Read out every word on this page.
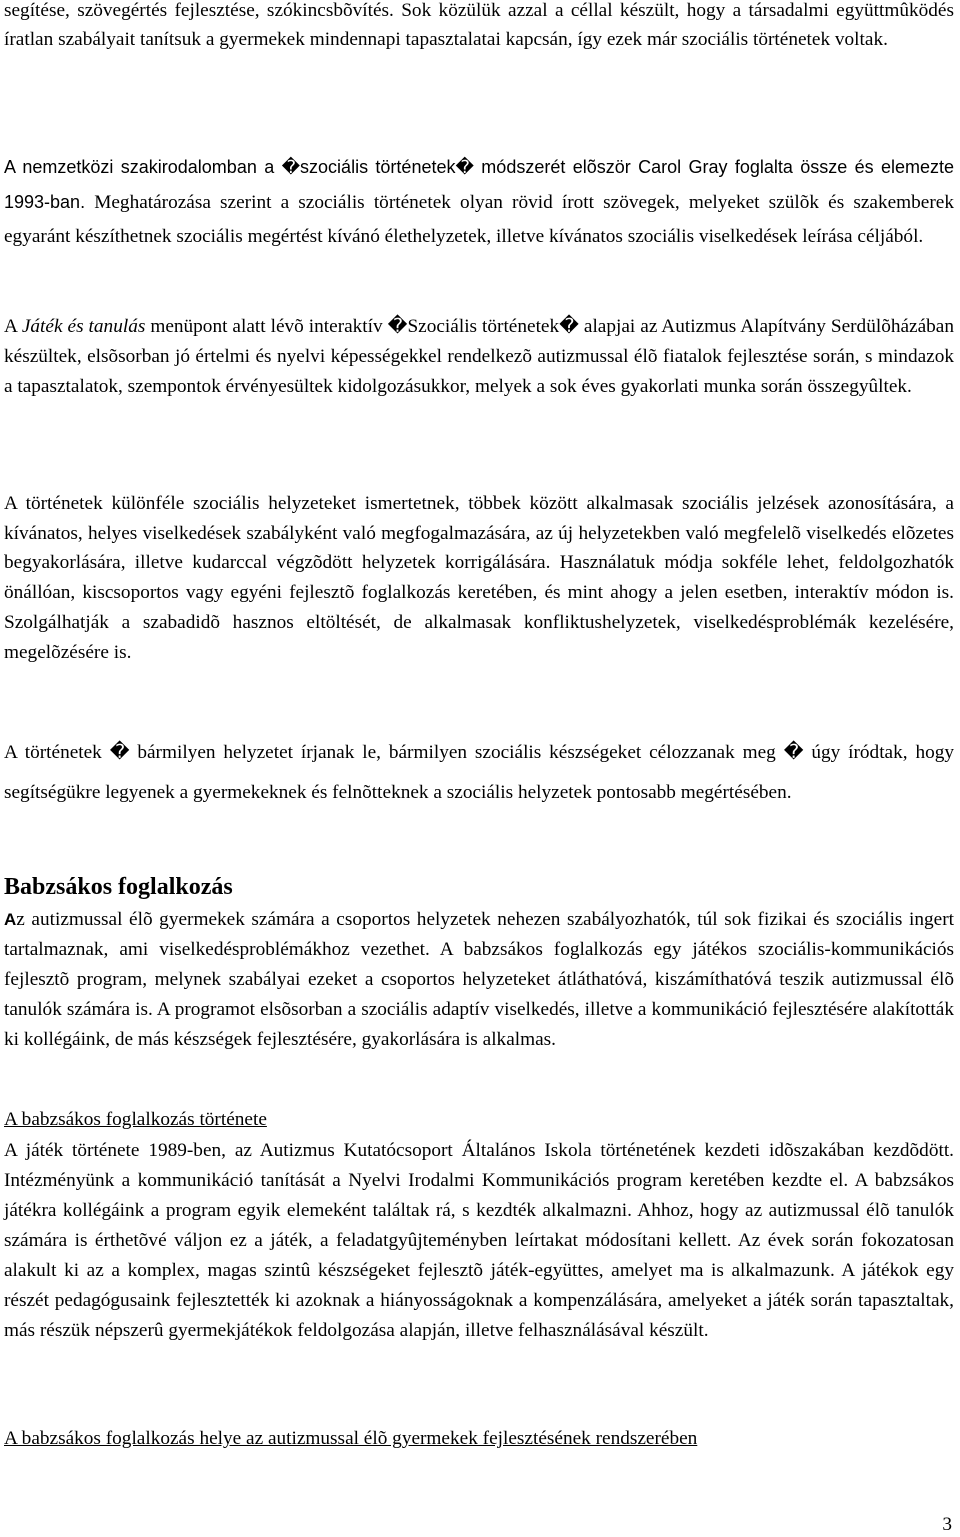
segítése, szövegértés fejlesztése, szókincsbõvítés. Sok közülük azzal a céllal készült, hogy a társadalmi együttmûködés íratlan szabályait tanítsuk a gyermekek mindennapi tapasztalatai kapcsán, így ezek már szociális történetek voltak.

A nemzetközi szakirodalomban a �szociális történetek� módszerét elõször Carol Gray foglalta össze és elemezte 1993-ban. Meghatározása szerint a szociális történetek olyan rövid írott szövegek, melyeket szülõk és szakemberek egyaránt készíthetnek szociális megértést kívánó élethelyzetek, illetve kívánatos szociális viselkedések leírása céljából.

A Játék és tanulás menüpont alatt lévõ interaktív �Szociális történetek� alapjai az Autizmus Alapítvány Serdülõházában készültek, elsõsorban jó értelmi és nyelvi képességekkel rendelkezõ autizmussal élõ fiatalok fejlesztése során, s mindazok a tapasztalatok, szempontok érvényesültek kidolgozásukkor, melyek a sok éves gyakorlati munka során összegyûltek.

A történetek különféle szociális helyzeteket ismertetnek, többek között alkalmasak szociális jelzések azonosítására, a kívánatos, helyes viselkedések szabályként való megfogalmazására, az új helyzetekben való megfelelõ viselkedés elõzetes begyakorlására, illetve kudarccal végzõdött helyzetek korrigálására. Használatuk módja sokféle lehet, feldolgozhatók önállóan, kiscsoportos vagy egyéni fejlesztõ foglalkozás keretében, és mint ahogy a jelen esetben, interaktív módon is. Szolgálhatják a szabadidõ hasznos eltöltését, de alkalmasak konfliktushelyzetek, viselkedésproblémák kezelésére, megelõzésére is.

A történetek � bármilyen helyzetet írjanak le, bármilyen szociális készségeket célozzanak meg � úgy íródtak, hogy segítségükre legyenek a gyermekeknek és felnõtteknek a szociális helyzetek pontosabb megértésében.

Babzsákos foglalkozás

Az autizmussal élõ gyermekek számára a csoportos helyzetek nehezen szabályozhatók, túl sok fizikai és szociális ingert tartalmaznak, ami viselkedésproblémákhoz vezethet. A babzsákos foglalkozás egy játékos szociális-kommunikációs fejlesztõ program, melynek szabályai ezeket a csoportos helyzeteket átláthatóvá, kiszámíthatóvá teszik autizmussal élõ tanulók számára is. A programot elsõsorban a szociális adaptív viselkedés, illetve a kommunikáció fejlesztésére alakították ki kollégáink, de más készségek fejlesztésére, gyakorlására is alkalmas.

A babzsákos foglalkozás története

A játék története 1989-ben, az Autizmus Kutatócsoport Általános Iskola történetének kezdeti idõszakában kezdõdött. Intézményünk a kommunikáció tanítását a Nyelvi Irodalmi Kommunikációs program keretében kezdte el. A babzsákos játékra kollégáink a program egyik elemeként találtak rá, s kezdték alkalmazni. Ahhoz, hogy az autizmussal élõ tanulók számára is érthetõvé váljon ez a játék, a feladatgyûjteményben leírtakat módosítani kellett. Az évek során fokozatosan alakult ki az a komplex, magas szintû készségeket fejlesztõ játék-együttes, amelyet ma is alkalmazunk. A játékok egy részét pedagógusaink fejlesztették ki azoknak a hiányosságoknak a kompenzálására, amelyeket a játék során tapasztaltak, más részük népszerû gyermekjátékok feldolgozása alapján, illetve felhasználásával készült.

A babzsákos foglalkozás helye az autizmussal élõ gyermekek fejlesztésének rendszerében

3
